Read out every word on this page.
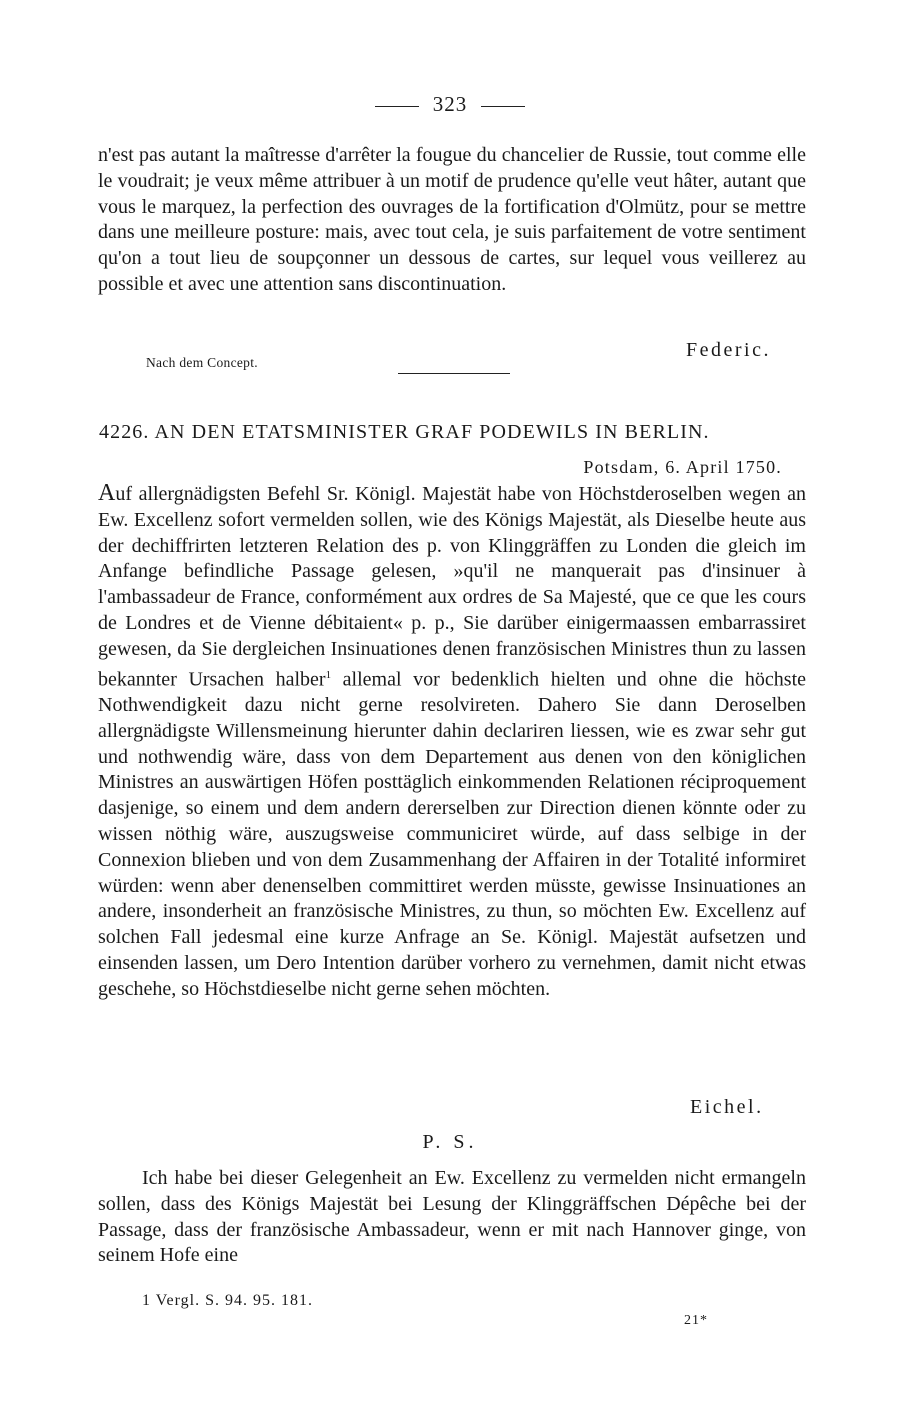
323
n'est pas autant la maîtresse d'arrêter la fougue du chancelier de Russie, tout comme elle le voudrait; je veux même attribuer à un motif de prudence qu'elle veut hâter, autant que vous le marquez, la perfection des ouvrages de la fortification d'Olmütz, pour se mettre dans une meilleure posture: mais, avec tout cela, je suis parfaitement de votre sentiment qu'on a tout lieu de soupçonner un dessous de cartes, sur lequel vous veillerez au possible et avec une attention sans discontinuation.
Federic.
Nach dem Concept.
4226. AN DEN ETATSMINISTER GRAF PODEWILS IN BERLIN.
Potsdam, 6. April 1750.
Auf allergnädigsten Befehl Sr. Königl. Majestät habe von Höchstderoselben wegen an Ew. Excellenz sofort vermelden sollen, wie des Königs Majestät, als Dieselbe heute aus der dechiffrirten letzteren Relation des p. von Klinggräffen zu Londen die gleich im Anfange befindliche Passage gelesen, »qu'il ne manquerait pas d'insinuer à l'ambassadeur de France, conformément aux ordres de Sa Majesté, que ce que les cours de Londres et de Vienne débitaient« p. p., Sie darüber einigermaassen embarrassiret gewesen, da Sie dergleichen Insinuationes denen französischen Ministres thun zu lassen bekannter Ursachen halber$^1$ allemal vor bedenklich hielten und ohne die höchste Nothwendigkeit dazu nicht gerne resolvireten. Dahero Sie dann Deroselben allergnädigste Willensmeinung hierunter dahin declariren liessen, wie es zwar sehr gut und nothwendig wäre, dass von dem Departement aus denen von den königlichen Ministres an auswärtigen Höfen posttäglich einkommenden Relationen réciproquement dasjenige, so einem und dem andern dererselben zur Direction dienen könnte oder zu wissen nöthig wäre, auszugsweise communiciret würde, auf dass selbige in der Connexion blieben und von dem Zusammenhang der Affairen in der Totalité informiret würden: wenn aber denenselben committiret werden müsste, gewisse Insinuationes an andere, insonderheit an französische Ministres, zu thun, so möchten Ew. Excellenz auf solchen Fall jedesmal eine kurze Anfrage an Se. Königl. Majestät aufsetzen und einsenden lassen, um Dero Intention darüber vorhero zu vernehmen, damit nicht etwas geschehe, so Höchstdieselbe nicht gerne sehen möchten.
Eichel.
P. S.
Ich habe bei dieser Gelegenheit an Ew. Excellenz zu vermelden nicht ermangeln sollen, dass des Königs Majestät bei Lesung der Klinggräffschen Dépêche bei der Passage, dass der französische Ambassadeur, wenn er mit nach Hannover ginge, von seinem Hofe eine
1 Vergl. S. 94. 95. 181.
21*
